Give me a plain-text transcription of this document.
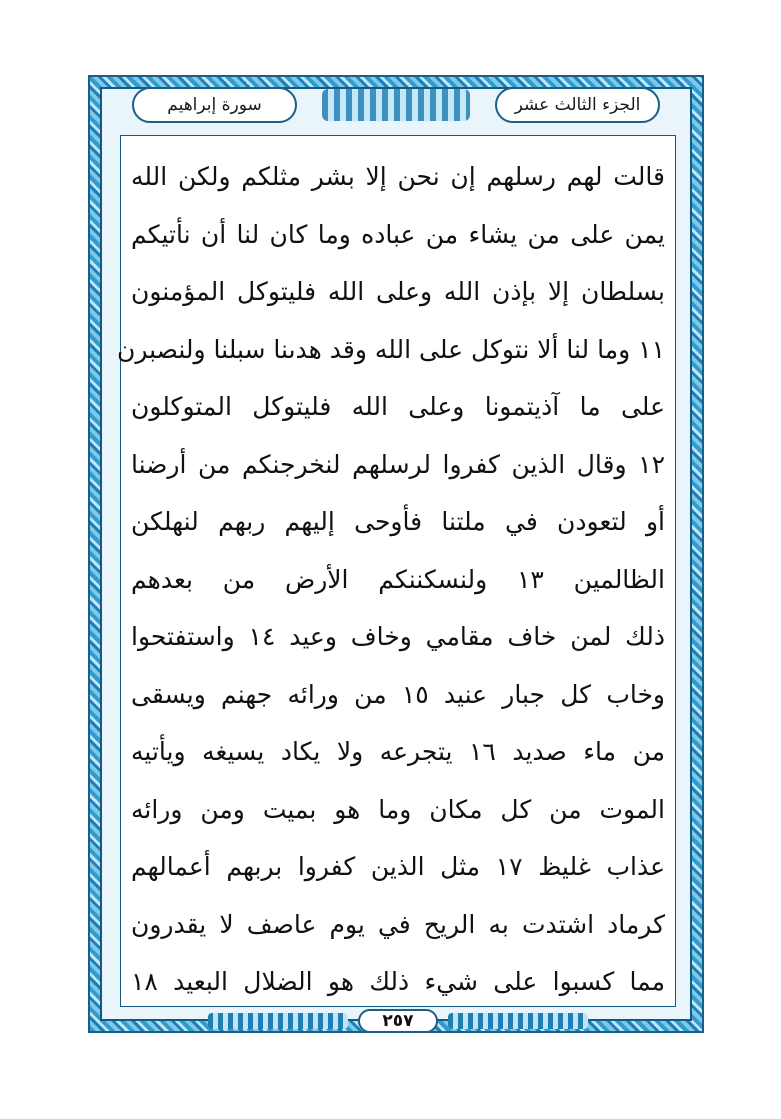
سورة إبراهيم	الجزء الثالث عشر
قالت لهم رسلهم إن نحن إلا بشر مثلكم ولكن الله
يمن على من يشاء من عباده وما كان لنا أن نأتيكم
بسلطان إلا بإذن الله وعلى الله فليتوكل المؤمنون
١١ وما لنا ألا نتوكل على الله وقد هدىنا سبلنا ولنصبرن
على ما آذيتمونا وعلى الله فليتوكل المتوكلون
١٢ وقال الذين كفروا لرسلهم لنخرجنكم من أرضنا
أو لتعودن في ملتنا فأوحى إليهم ربهم لنهلكن
الظالمين ١٣ ولنسكننكم الأرض من بعدهم
ذلك لمن خاف مقامي وخاف وعيد ١٤ واستفتحوا
وخاب كل جبار عنيد ١٥ من ورائه جهنم ويسقى
من ماء صديد ١٦ يتجرعه ولا يكاد يسيغه ويأتيه
الموت من كل مكان وما هو بميت ومن ورائه
عذاب غليظ ١٧ مثل الذين كفروا بربهم أعمالهم
كرماد اشتدت به الريح في يوم عاصف لا يقدرون
مما كسبوا على شيء ذلك هو الضلال البعيد ١٨
٢٥٧
